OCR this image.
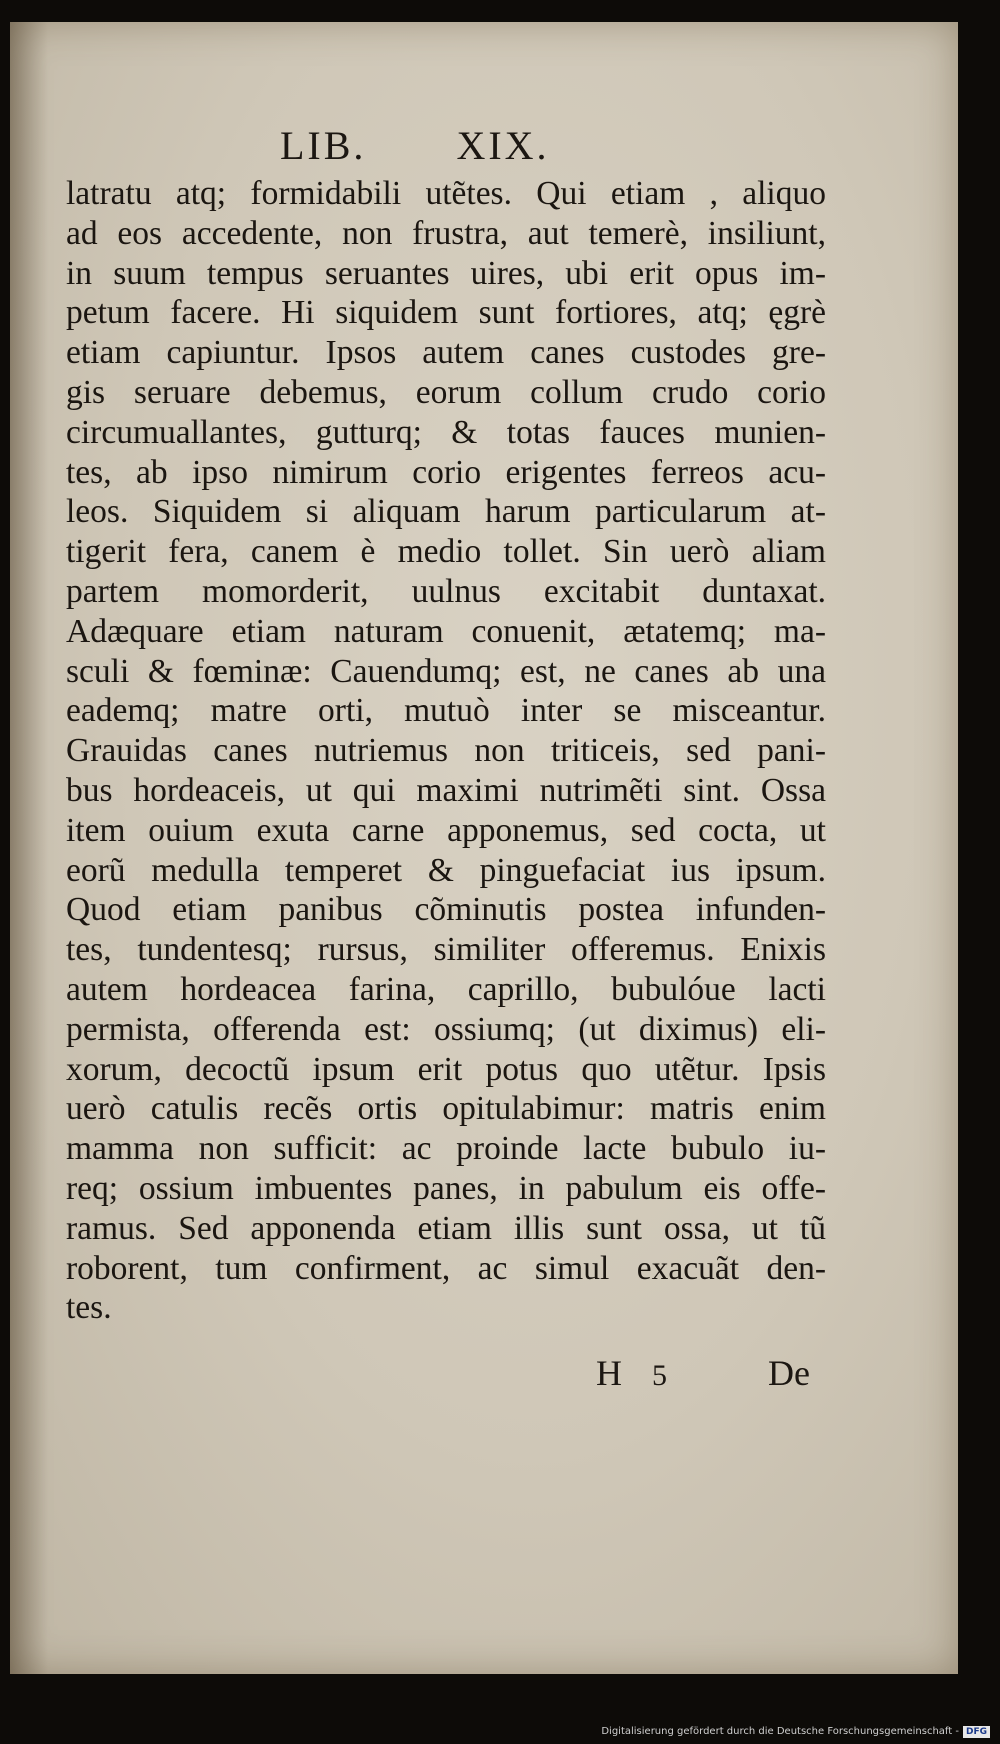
LIB. XIX.
latratu atq; formidabili utẽtes. Qui etiam , aliquo
ad eos accedente, non frustra, aut temerè, insiliunt,
in suum tempus seruantes uires, ubi erit opus im-
petum facere. Hi siquidem sunt fortiores, atq; ęgrè
etiam capiuntur. Ipsos autem canes custodes gre-
gis seruare debemus, eorum collum crudo corio
circumuallantes, gutturq; & totas fauces munien-
tes, ab ipso nimirum corio erigentes ferreos acu-
leos. Siquidem si aliquam harum particularum at-
tigerit fera, canem è medio tollet. Sin uerò aliam
partem momorderit, uulnus excitabit duntaxat.
Adæquare etiam naturam conuenit, ætatemq; ma-
sculi & fœminæ: Cauendumq; est, ne canes ab una
eademq; matre orti, mutuò inter se misceantur.
Grauidas canes nutriemus non triticeis, sed pani-
bus hordeaceis, ut qui maximi nutrimẽti sint. Ossa
item ouium exuta carne apponemus, sed cocta, ut
eorũ medulla temperet & pinguefaciat ius ipsum.
Quod etiam panibus cõminutis postea infunden-
tes, tundentesq; rursus, similiter offeremus. Enixis
autem hordeacea farina, caprillo, bubulóue lacti
permista, offerenda est: ossiumq; (ut diximus) eli-
xorum, decoctũ ipsum erit potus quo utẽtur. Ipsis
uerò catulis recẽs ortis opitulabimur: matris enim
mamma non sufficit: ac proinde lacte bubulo iu-
req; ossium imbuentes panes, in pabulum eis offe-
ramus. Sed apponenda etiam illis sunt ossa, ut tũ
roborent, tum confirment, ac simul exacuãt den-
tes.
H 5	De
Digitalisierung gefördert durch die Deutsche Forschungsgemeinschaft - DFG
